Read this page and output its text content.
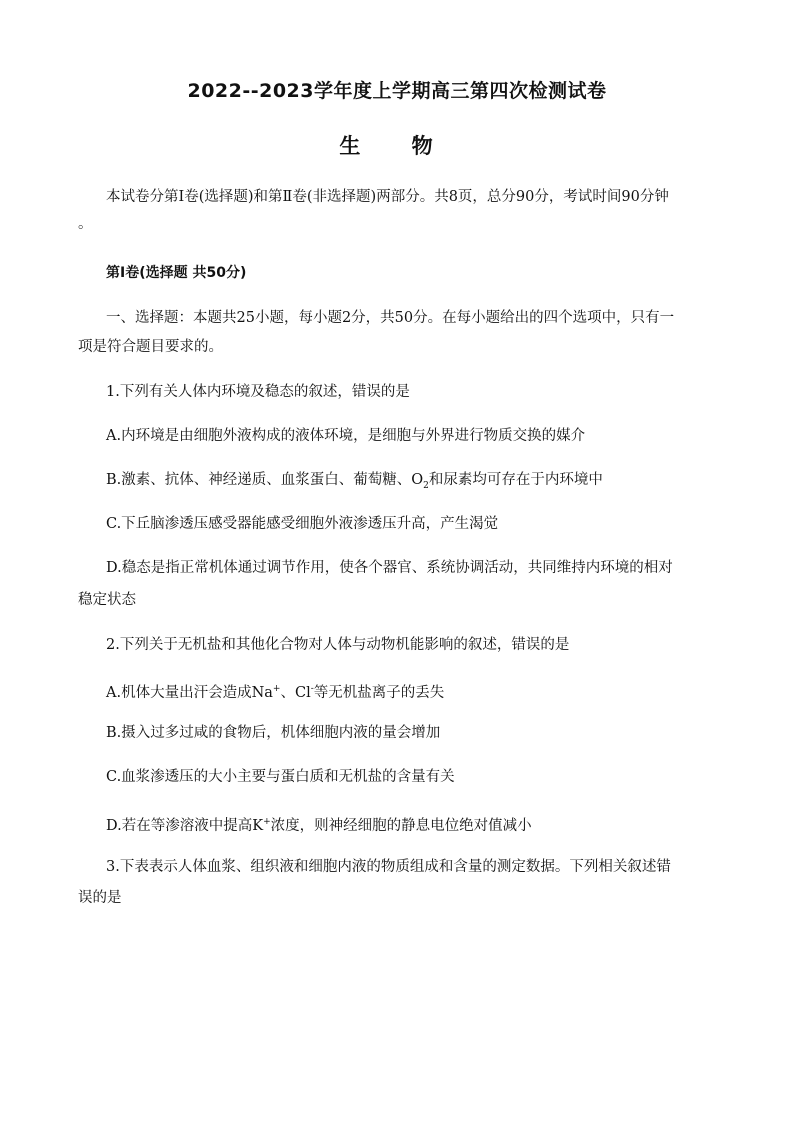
2022--2023学年度上学期高三第四次检测试卷
生 物
本试卷分第Ⅰ卷(选择题)和第Ⅱ卷(非选择题)两部分。共8页，总分90分，考试时间90分钟
。
第Ⅰ卷(选择题 共50分)
一、选择题：本题共25小题，每小题2分，共50分。在每小题给出的四个选项中，只有一
项是符合题目要求的。
1.下列有关人体内环境及稳态的叙述，错误的是
A.内环境是由细胞外液构成的液体环境，是细胞与外界进行物质交换的媒介
B.激素、抗体、神经递质、血浆蛋白、葡萄糖、$O_2$和尿素均可存在于内环境中
C.下丘脑渗透压感受器能感受细胞外液渗透压升高，产生渴觉
D.稳态是指正常机体通过调节作用，使各个器官、系统协调活动，共同维持内环境的相对
稳定状态
2.下列关于无机盐和其他化合物对人体与动物机能影响的叙述，错误的是
A.机体大量出汗会造成Na+、Cl-等无机盐离子的丢失
B.摄入过多过咸的食物后，机体细胞内液的量会增加
C.血浆渗透压的大小主要与蛋白质和无机盐的含量有关
D.若在等渗溶液中提高K+浓度，则神经细胞的静息电位绝对值减小
3.下表表示人体血浆、组织液和细胞内液的物质组成和含量的测定数据。下列相关叙述错
误的是
